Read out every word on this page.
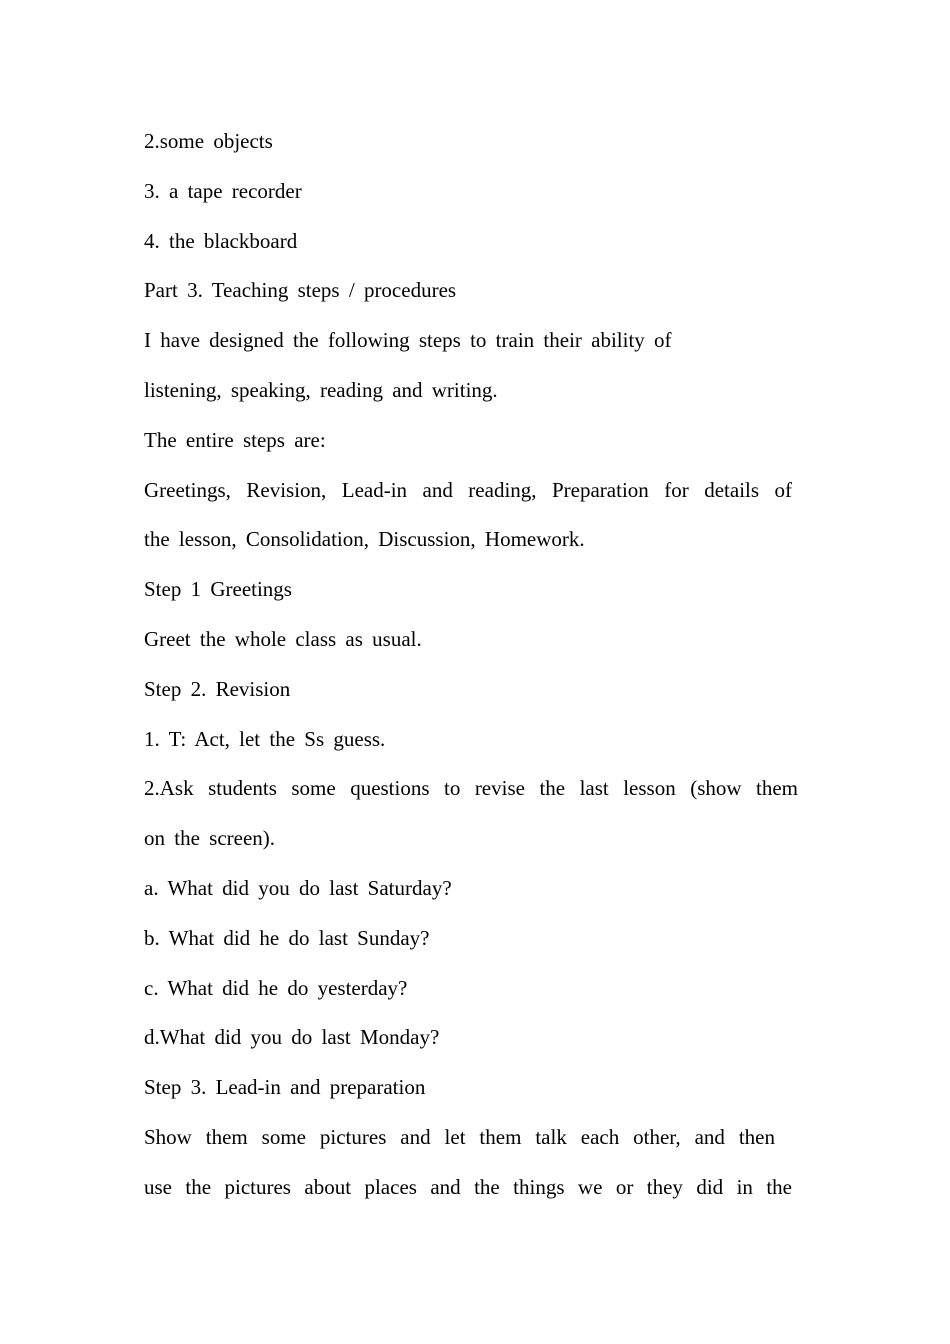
2.some objects
3. a tape recorder
4. the blackboard
Part 3. Teaching steps / procedures
I have designed the following steps to train their ability of
listening, speaking, reading and writing.
The entire steps are:
Greetings, Revision, Lead-in and reading, Preparation for details of
the lesson, Consolidation, Discussion, Homework.
Step 1 Greetings
Greet the whole class as usual.
Step 2. Revision
1. T: Act, let the Ss guess.
2.Ask students some questions to revise the last lesson (show them
on the screen).
a. What did you do last Saturday?
b. What did he do last Sunday?
c. What did he do yesterday?
d.What did you do last Monday?
Step 3. Lead-in and preparation
Show them some pictures and let them talk each other, and then
use the pictures about places and the things we or they did in the
